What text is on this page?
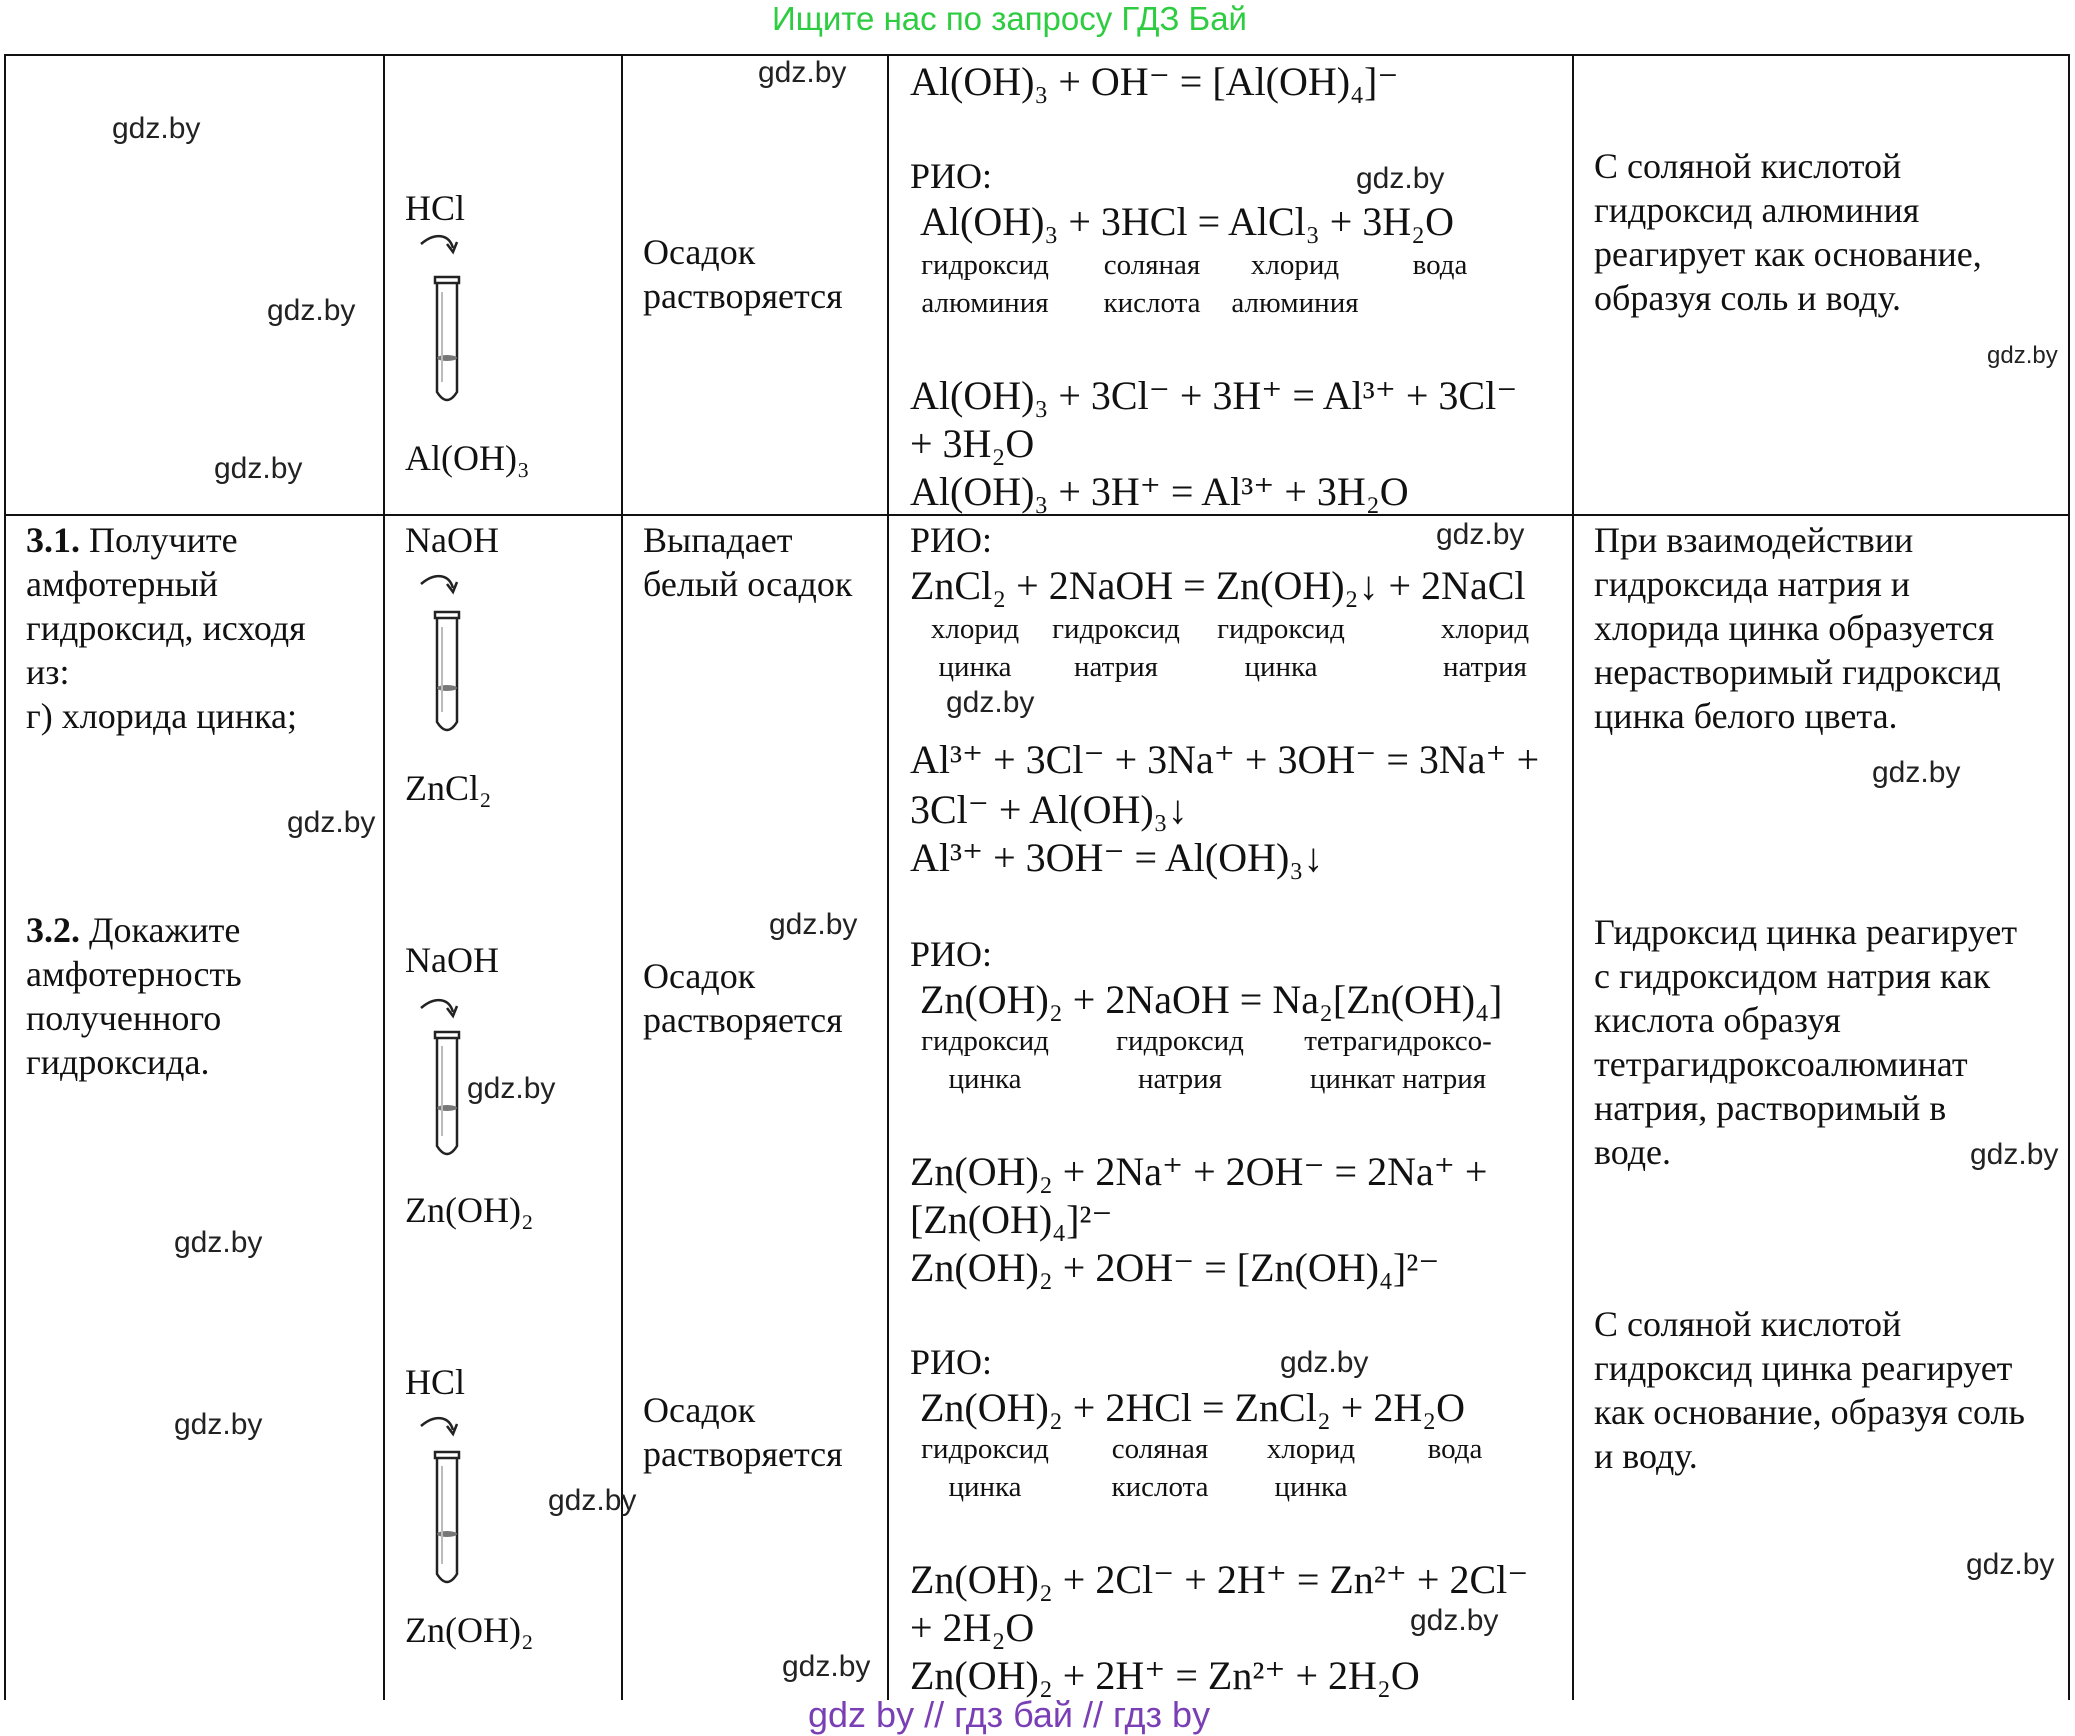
Ищите нас по запросу ГДЗ Бай
HCl
Al(OH)₃
Осадок
растворяется
Al(OH)₃ + OH⁻ = [Al(OH)₄]⁻
РИО:
Al(OH)₃ + 3HCl = AlCl₃ + 3H₂O
гидроксид
алюминия
соляная
кислота
хлорид
алюминия
вода

Al(OH)₃ + 3Cl⁻ + 3H⁺ = Al³⁺ + 3Cl⁻
+ 3H₂O
Al(OH)₃ + 3H⁺ = Al³⁺ + 3H₂O
С соляной кислотой
гидроксид алюминия
реагирует как основание,
образуя соль и воду.
3.1. Получите
амфотерный
гидроксид, исходя
из:
г) хлорида цинка;
3.2. Докажите
амфотерность
полученного
гидроксида.
NaOH
ZnCl₂
Выпадает
белый осадок
РИО:
ZnCl₂ + 2NaOH = Zn(OH)₂↓ + 2NaCl
хлорид
цинка
гидроксид
натрия
гидроксид
цинка
хлорид
натрия
Al³⁺ + 3Cl⁻ + 3Na⁺ + 3OH⁻ = 3Na⁺ +
3Cl⁻ + Al(OH)₃↓
Al³⁺ + 3OH⁻ = Al(OH)₃↓
При взаимодействии
гидроксида натрия и
хлорида цинка образуется
нерастворимый гидроксид
цинка белого цвета.
NaOH
Zn(OH)₂
Осадок
растворяется
РИО:
Zn(OH)₂ + 2NaOH = Na₂[Zn(OH)₄]
гидроксид
цинка
гидроксид
натрия
тетрагидроксо-
цинкат натрия
Zn(OH)₂ + 2Na⁺ + 2OH⁻ = 2Na⁺ +
[Zn(OH)₄]²⁻
Zn(OH)₂ + 2OH⁻ = [Zn(OH)₄]²⁻
Гидроксид цинка реагирует
с гидроксидом натрия как
кислота образуя
тетрагидроксоалюминат
натрия, растворимый в
воде.
HCl
Zn(OH)₂
Осадок
растворяется
РИО:
Zn(OH)₂ + 2HCl = ZnCl₂ + 2H₂O
гидроксид
цинка
соляная
кислота
хлорид
цинка
вода

Zn(OH)₂ + 2Cl⁻ + 2H⁺ = Zn²⁺ + 2Cl⁻
+ 2H₂O
Zn(OH)₂ + 2H⁺ = Zn²⁺ + 2H₂O
С соляной кислотой
гидроксид цинка реагирует
как основание, образуя соль
и воду.
gdz.by
gdz.by
gdz.by
gdz.by
gdz.by
gdz.by
gdz.by
gdz.by
gdz.by
gdz.by
gdz.by
gdz.by
gdz.by
gdz.by
gdz.by
gdz.by
gdz.by
gdz.by
gdz.by
gdz.by
gdz by // гдз бай // гдз by
